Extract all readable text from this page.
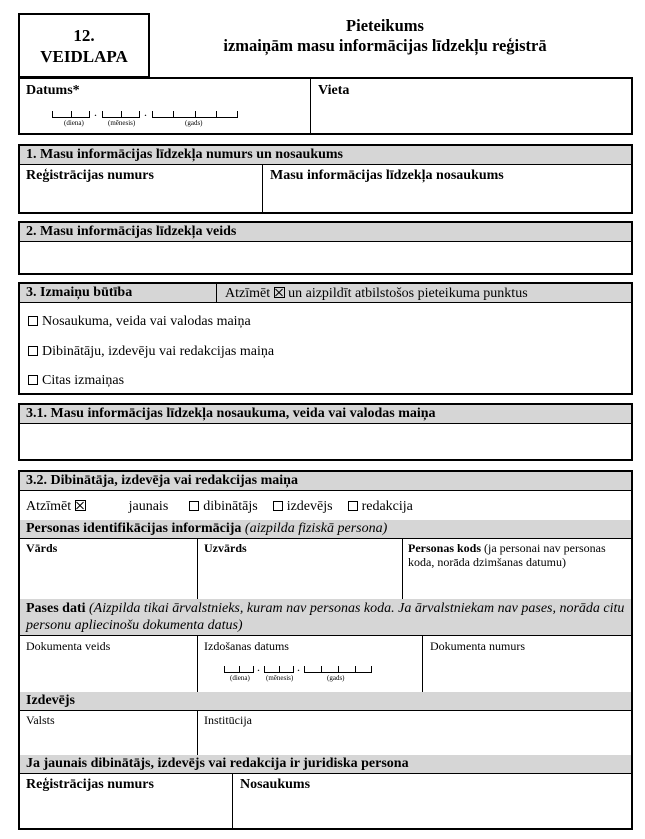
12.
VEIDLAPA
Pieteikums
izmaiņām masu informācijas līdzekļu reģistrā
Datums*	Vieta
.	.
(diena)	(mēnesis)	(gads)
1. Masu informācijas līdzekļa numurs un nosaukums
Reģistrācijas numurs	Masu informācijas līdzekļa nosaukums
2. Masu informācijas līdzekļa veids
3. Izmaiņu būtība	Atzīmēt un aizpildīt atbilstošos pieteikuma punktus
Nosaukuma, veida vai valodas maiņa
Dibinātāju, izdevēju vai redakcijas maiņa
Citas izmaiņas
3.1. Masu informācijas līdzekļa nosaukuma, veida vai valodas maiņa
3.2. Dibinātāja, izdevēja vai redakcijas maiņa
Atzīmēt	jaunais	dibinātājs izdevējs redakcija
Personas identifikācijas informācija (aizpilda fiziskā persona)
Vārds	Uzvārds	Personas kods (ja personai nav personas koda, norāda dzimšanas datumu)
Pases dati (Aizpilda tikai ārvalstnieks, kuram nav personas koda. Ja ārvalstniekam nav pases, norāda citu personu apliecinošu dokumenta datus)
Dokumenta veids	Izdošanas datums	Dokumenta numurs
.	.
(diena) (mēnesis)	(gads)
Izdevējs
Valsts	Institūcija
Ja jaunais dibinātājs, izdevējs vai redakcija ir juridiska persona
Reģistrācijas numurs	Nosaukums
